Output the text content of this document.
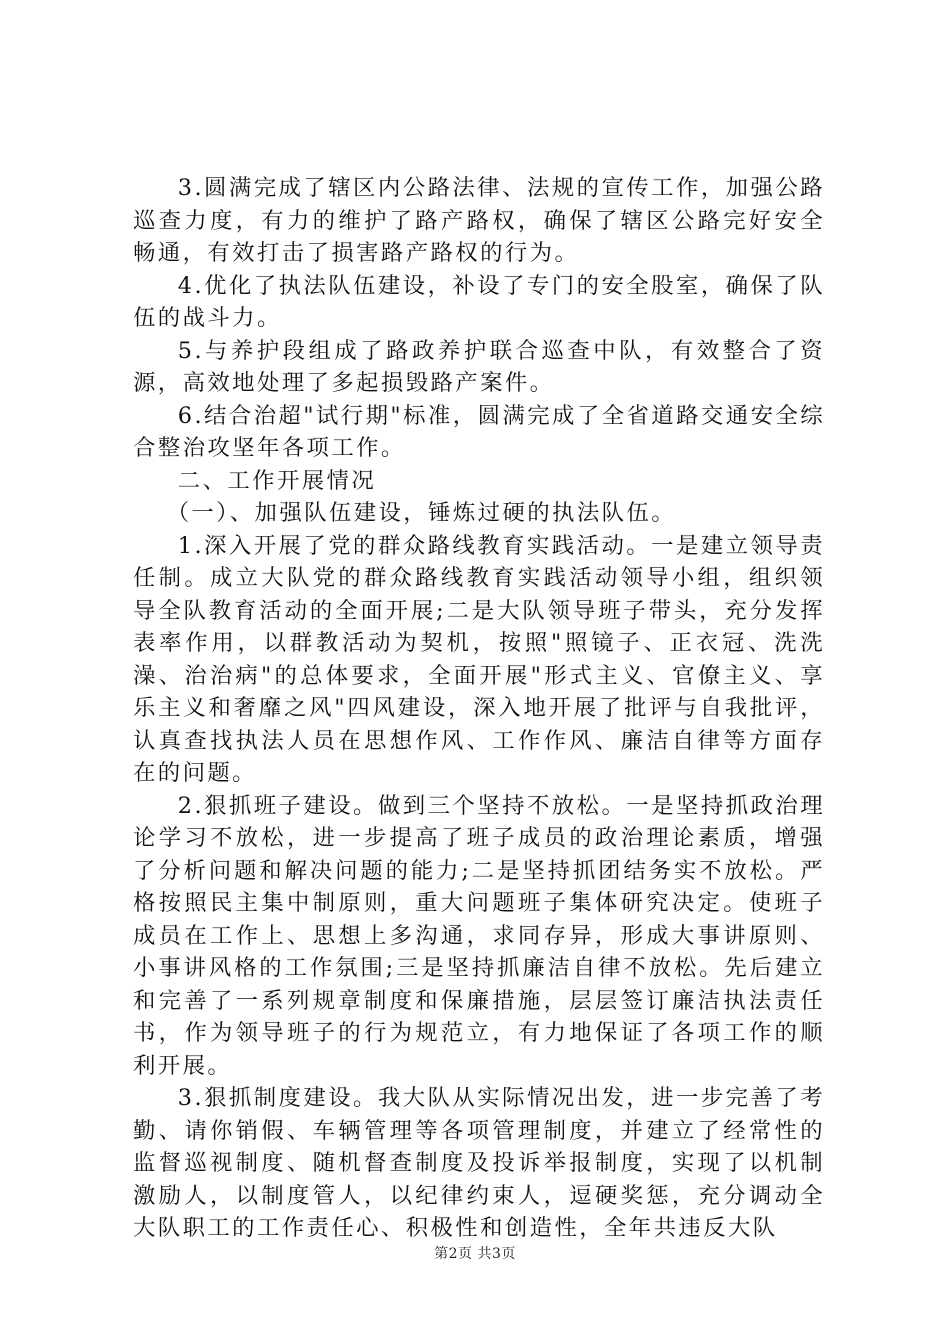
3.圆满完成了辖区内公路法律、法规的宣传工作，加强公路巡查力度，有力的维护了路产路权，确保了辖区公路完好安全畅通，有效打击了损害路产路权的行为。

4.优化了执法队伍建设，补设了专门的安全股室，确保了队伍的战斗力。

5.与养护段组成了路政养护联合巡查中队，有效整合了资源，高效地处理了多起损毁路产案件。

6.结合治超"试行期"标准，圆满完成了全省道路交通安全综合整治攻坚年各项工作。

二、工作开展情况

（一）、加强队伍建设，锤炼过硬的执法队伍。

1.深入开展了党的群众路线教育实践活动。一是建立领导责任制。成立大队党的群众路线教育实践活动领导小组，组织领导全队教育活动的全面开展;二是大队领导班子带头，充分发挥表率作用，以群教活动为契机，按照"照镜子、正衣冠、洗洗澡、治治病"的总体要求，全面开展"形式主义、官僚主义、享乐主义和奢靡之风"四风建设，深入地开展了批评与自我批评，认真查找执法人员在思想作风、工作作风、廉洁自律等方面存在的问题。

2.狠抓班子建设。做到三个坚持不放松。一是坚持抓政治理论学习不放松，进一步提高了班子成员的政治理论素质，增强了分析问题和解决问题的能力;二是坚持抓团结务实不放松。严格按照民主集中制原则，重大问题班子集体研究决定。使班子成员在工作上、思想上多沟通，求同存异，形成大事讲原则、小事讲风格的工作氛围;三是坚持抓廉洁自律不放松。先后建立和完善了一系列规章制度和保廉措施，层层签订廉洁执法责任书，作为领导班子的行为规范立，有力地保证了各项工作的顺利开展。

3.狠抓制度建设。我大队从实际情况出发，进一步完善了考勤、请你销假、车辆管理等各项管理制度，并建立了经常性的监督巡视制度、随机督查制度及投诉举报制度，实现了以机制激励人，以制度管人，以纪律约束人，逗硬奖惩，充分调动全大队职工的工作责任心、积极性和创造性，全年共违反大队

第2页 共3页
